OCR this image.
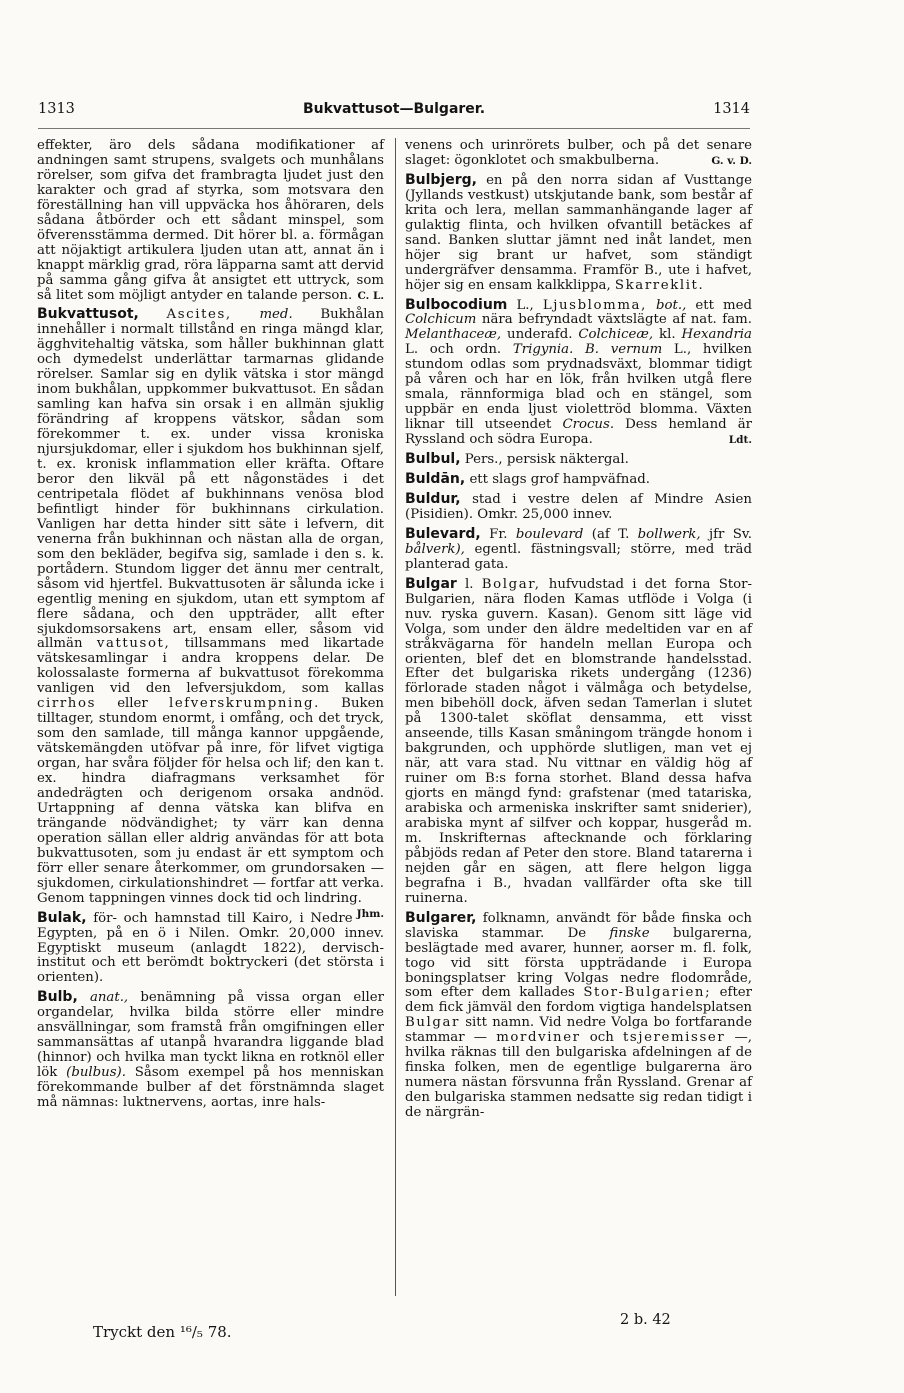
1313	Bukvattusot—Bulgarer.	1314

effekter, äro dels sådana modifikationer af andningen samt strupens, svalgets och munhålans rörelser, som gifva det frambragta ljudet just den karakter och grad af styrka, som motsvara den föreställning han vill uppväcka hos åhöraren, dels sådana åtbörder och ett sådant minspel, som öfverensstämma dermed. Dit hörer bl. a. förmågan att nöjaktigt artikulera ljuden utan att, annat än i knappt märklig grad, röra läpparna samt att dervid på samma gång gifva åt ansigtet ett uttryck, som så litet som möjligt antyder en talande person. C. L.

Bukvattusot, Ascites, med. Bukhålan innehåller i normalt tillstånd en ringa mängd klar, ägghvitehaltig vätska, som håller bukhinnan glatt och dymedelst underlättar tarmarnas glidande rörelser. Samlar sig en dylik vätska i stor mängd inom bukhålan, uppkommer bukvattusot. En sådan samling kan hafva sin orsak i en allmän sjuklig förändring af kroppens vätskor, sådan som förekommer t. ex. under vissa kroniska njursjukdomar, eller i sjukdom hos bukhinnan sjelf, t. ex. kronisk inflammation eller kräfta. Oftare beror den likväl på ett någonstädes i det centripetala flödet af bukhinnans venösa blod befintligt hinder för bukhinnans cirkulation. Vanligen har detta hinder sitt säte i lefvern, dit venerna från bukhinnan och nästan alla de organ, som den bekläder, begifva sig, samlade i den s. k. portådern. Stundom ligger det ännu mer centralt, såsom vid hjertfel. Bukvattusoten är sålunda icke i egentlig mening en sjukdom, utan ett symptom af flere sådana, och den uppträder, allt efter sjukdomsorsakens art, ensam eller, såsom vid allmän vattusot, tillsammans med likartade vätskesamlingar i andra kroppens delar. De kolossalaste formerna af bukvattusot förekomma vanligen vid den lefversjukdom, som kallas cirrhos eller lefverskrumpning. Buken tilltager, stundom enormt, i omfång, och det tryck, som den samlade, till många kannor uppgående, vätskemängden utöfvar på inre, för lifvet vigtiga organ, har svåra följder för helsa och lif; den kan t. ex. hindra diafragmans verksamhet för andedrägten och derigenom orsaka andnöd. Urtappning af denna vätska kan blifva en trängande nödvändighet; ty värr kan denna operation sällan eller aldrig användas för att bota bukvattusoten, som ju endast är ett symptom och förr eller senare återkommer, om grundorsaken — sjukdomen, cirkulationshindret — fortfar att verka. Genom tappningen vinnes dock tid och lindring.
Jhm.

Bulak, för- och hamnstad till Kairo, i Nedre Egypten, på en ö i Nilen. Omkr. 20,000 innev. Egyptiskt museum (anlagdt 1822), dervisch-institut och ett berömdt boktryckeri (det största i orienten).

Bulb, anat., benämning på vissa organ eller organdelar, hvilka bilda större eller mindre ansvällningar, som framstå från omgifningen eller sammansättas af utanpå hvarandra liggande blad (hinnor) och hvilka man tyckt likna en rotknöl eller lök (bulbus). Såsom exempel på hos menniskan förekommande bulber af det förstnämnda slaget må nämnas: luktnervens, aortas, inre hals-

venens och urinrörets bulber, och på det senare slaget: ögonklotet och smakbulberna.	G. v. D.

Bulbjerg, en på den norra sidan af Vusttange (Jyllands vestkust) utskjutande bank, som består af krita och lera, mellan sammanhängande lager af gulaktig flinta, och hvilken ofvantill betäckes af sand. Banken sluttar jämnt ned inåt landet, men höjer sig brant ur hafvet, som ständigt undergräfver densamma. Framför B., ute i hafvet, höjer sig en ensam kalkklippa, Skarreklit.

Bulbocodium L., Ljusblomma, bot., ett med Colchicum nära befryndadt växtslägte af nat. fam. Melanthaceæ, underafd. Colchiceæ, kl. Hexandria L. och ordn. Trigynia. B. vernum L., hvilken stundom odlas som prydnadsväxt, blommar tidigt på våren och har en lök, från hvilken utgå flere smala, rännformiga blad och en stängel, som uppbär en enda ljust violettröd blomma. Växten liknar till utseendet Crocus. Dess hemland är Ryssland och södra Europa.	Ldt.

Bulbul, Pers., persisk näktergal.

Buldān, ett slags grof hampväfnad.

Buldur, stad i vestre delen af Mindre Asien (Pisidien). Omkr. 25,000 innev.

Bulevard, Fr. boulevard (af T. bollwerk, jfr Sv. bålverk), egentl. fästningsvall; större, med träd planterad gata.

Bulgar l. Bolgar, hufvudstad i det forna Stor-Bulgarien, nära floden Kamas utflöde i Volga (i nuv. ryska guvern. Kasan). Genom sitt läge vid Volga, som under den äldre medeltiden var en af stråkvägarna för handeln mellan Europa och orienten, blef det en blomstrande handelsstad. Efter det bulgariska rikets undergång (1236) förlorade staden något i välmåga och betydelse, men bibehöll dock, äfven sedan Tamerlan i slutet på 1300-talet sköflat densamma, ett visst anseende, tills Kasan småningom trängde honom i bakgrunden, och upphörde slutligen, man vet ej när, att vara stad. Nu vittnar en väldig hög af ruiner om B:s forna storhet. Bland dessa hafva gjorts en mängd fynd: grafstenar (med tatariska, arabiska och armeniska inskrifter samt sniderier), arabiska mynt af silfver och koppar, husgeråd m. m. Inskrifternas aftecknande och förklaring påbjöds redan af Peter den store. Bland tatarerna i nejden går en sägen, att flere helgon ligga begrafna i B., hvadan vallfärder ofta ske till ruinerna.

Bulgarer, folknamn, användt för både finska och slaviska stammar. De finske bulgarerna, beslägtade med avarer, hunner, aorser m. fl. folk, togo vid sitt första uppträdande i Europa boningsplatser kring Volgas nedre flodområde, som efter dem kallades Stor-Bulgarien; efter dem fick jämväl den fordom vigtiga handelsplatsen Bulgar sitt namn. Vid nedre Volga bo fortfarande stammar — mordviner och tsjeremisser —, hvilka räknas till den bulgariska afdelningen af de finska folken, men de egentlige bulgarerna äro numera nästan försvunna från Ryssland. Grenar af den bulgariska stammen nedsatte sig redan tidigt i de närgrän-

Tryckt den ¹⁶/₅ 78.
2 b. 42
